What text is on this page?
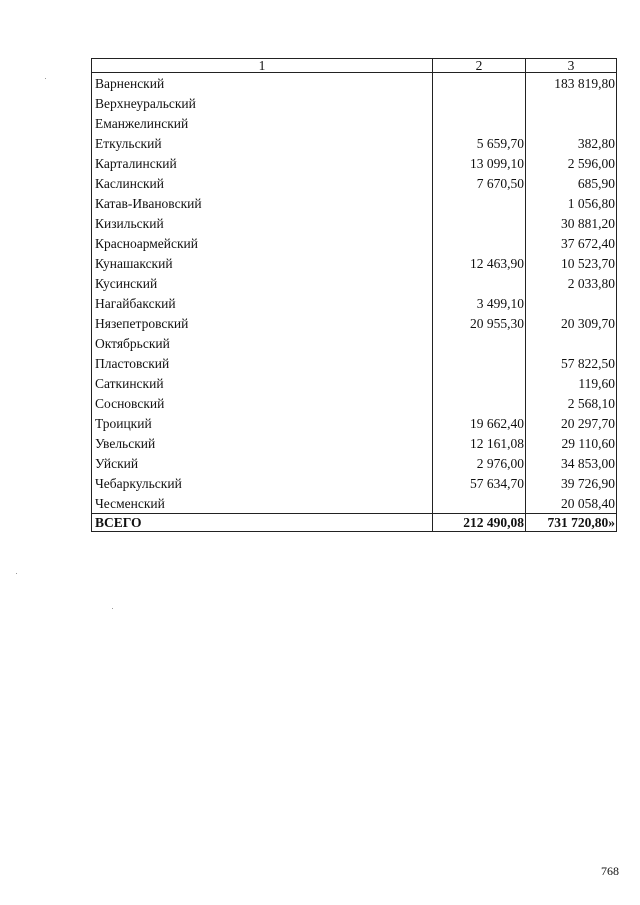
1	2	3
Варненский		183 819,80
Верхнеуральский		
Еманжелинский		
Еткульский	5 659,70	382,80
Карталинский	13 099,10	2 596,00
Каслинский	7 670,50	685,90
Катав-Ивановский		1 056,80
Кизильский		30 881,20
Красноармейский		37 672,40
Кунашакский	12 463,90	10 523,70
Кусинский		2 033,80
Нагайбакский	3 499,10	
Нязепетровский	20 955,30	20 309,70
Октябрьский		
Пластовский		57 822,50
Саткинский		119,60
Сосновский		2 568,10
Троицкий	19 662,40	20 297,70
Увельский	12 161,08	29 110,60
Уйский	2 976,00	34 853,00
Чебаркульский	57 634,70	39 726,90
Чесменский		20 058,40
ВСЕГО	212 490,08	731 720,80»
768
